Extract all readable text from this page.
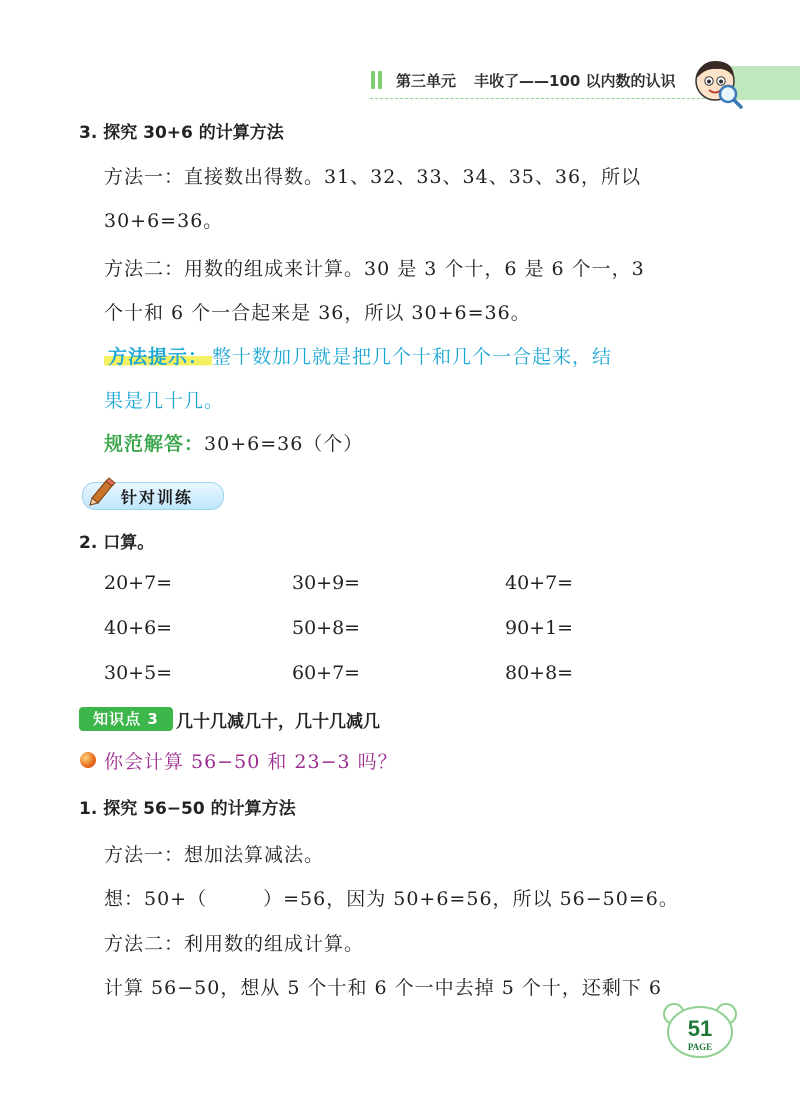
第三单元 丰收了——100 以内数的认识
3. 探究 30+6 的计算方法
方法一：直接数出得数。31、32、33、34、35、36，所以
30+6=36。
方法二：用数的组成来计算。30 是 3 个十，6 是 6 个一，3
个十和 6 个一合起来是 36，所以 30+6=36。
方法提示： 整十数加几就是把几个十和几个一合起来，结
果是几十几。
规范解答：30+6=36（个）
针对训练
2. 口算。
20+7=	30+9=	40+7=
40+6=	50+8=	90+1=
30+5=	60+7=	80+8=
知识点 3	几十几减几十，几十几减几
你会计算 56−50 和 23−3 吗？
1. 探究 56−50 的计算方法
方法一：想加法算减法。
想：50+（	）=56，因为 50+6=56，所以 56−50=6。
方法二：利用数的组成计算。
计算 56−50，想从 5 个十和 6 个一中去掉 5 个十，还剩下 6
51
PAGE
